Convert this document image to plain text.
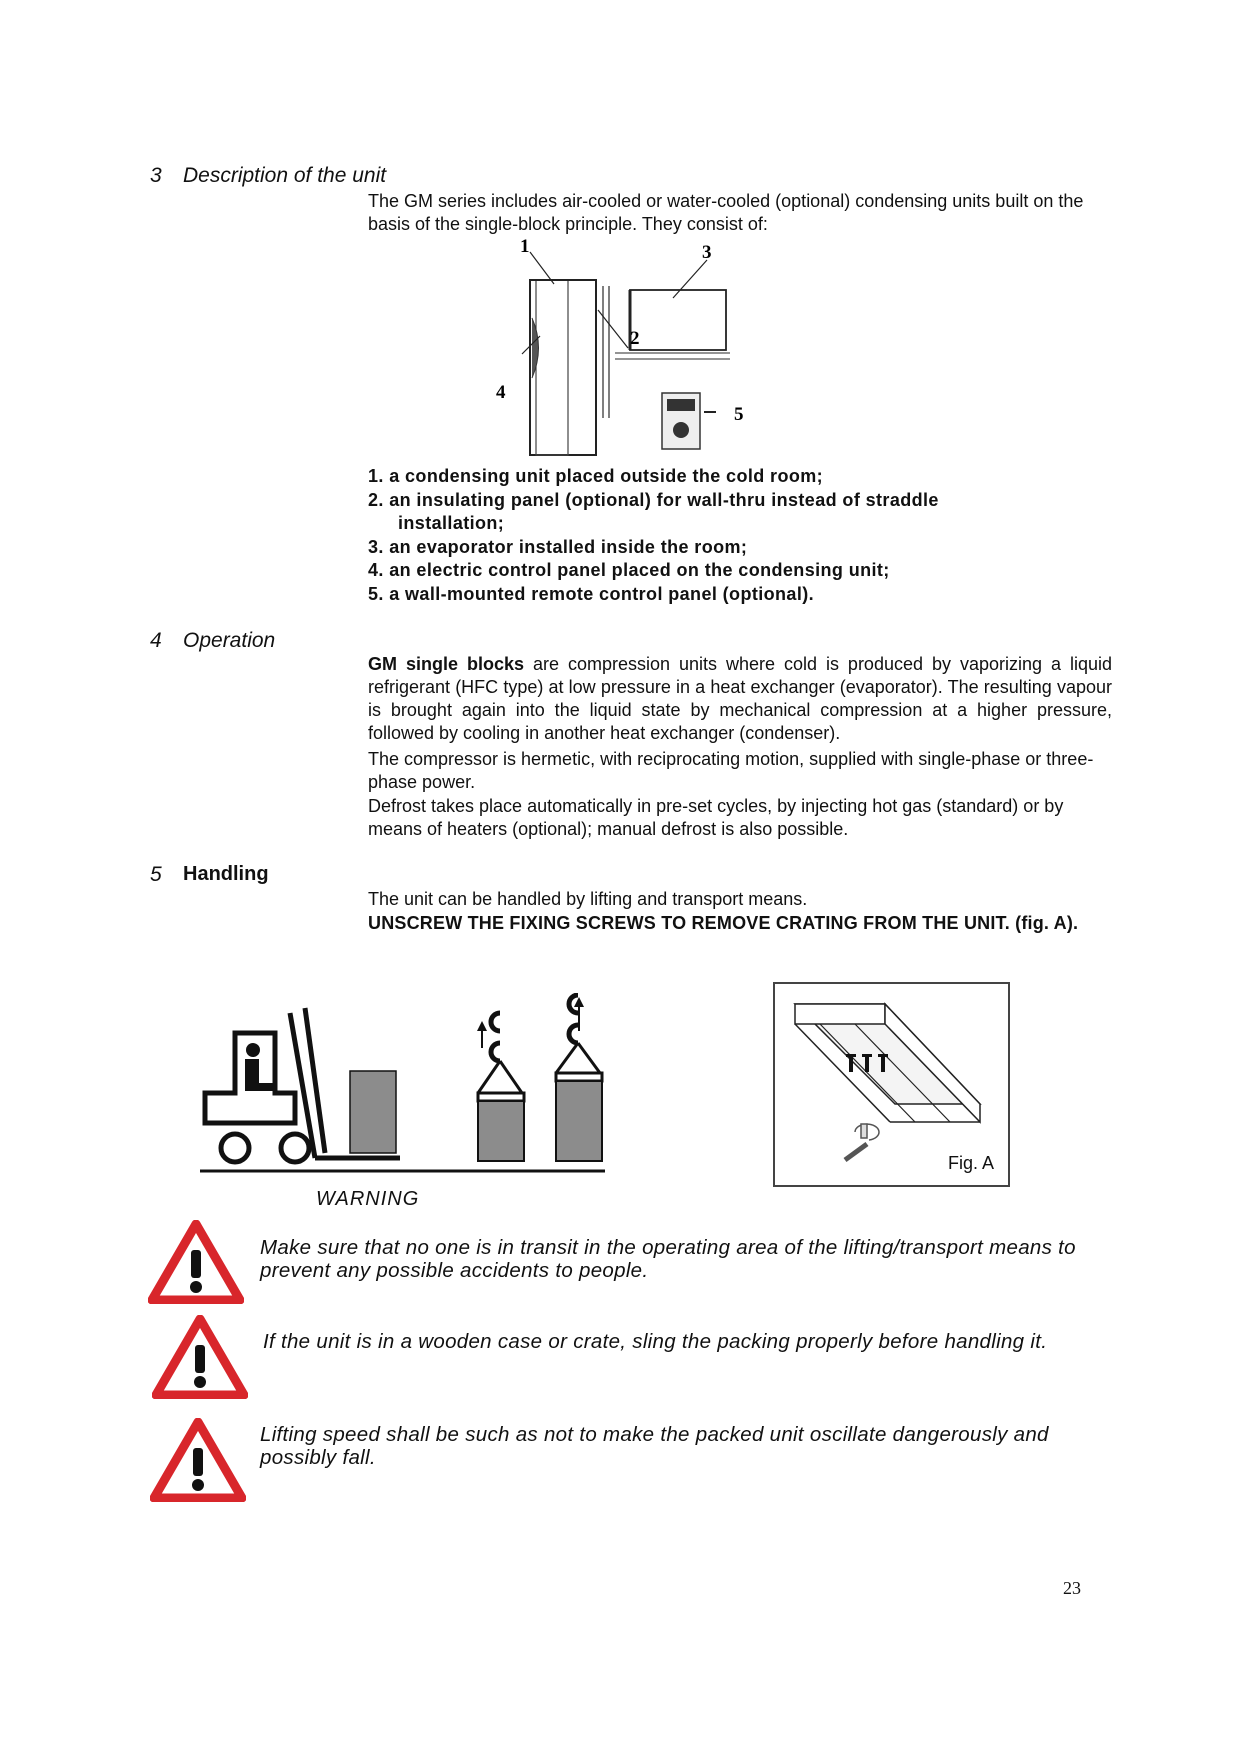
3 Description of the unit
The GM series includes air-cooled or water-cooled (optional) condensing units built on the basis of the single-block principle. They consist of:
1
2
3
4
5
1. a condensing unit placed outside the cold room;
2. an insulating panel (optional) for wall-thru instead of straddle
installation;
3. an evaporator installed inside the room;
4. an electric control panel placed on the condensing unit;
5. a wall-mounted remote control panel (optional).
4 Operation
GM single blocks are compression units where cold is produced by vaporizing a liquid refrigerant (HFC type) at low pressure in a heat exchanger (evaporator). The resulting vapour is brought again into the liquid state by mechanical compression at a higher pressure, followed by cooling in another heat exchanger (condenser).
The compressor is hermetic, with reciprocating motion, supplied with single-phase or three-phase power.
Defrost takes place automatically in pre-set cycles, by injecting hot gas (standard) or by means of heaters (optional); manual defrost is also possible.
5 Handling
The unit can be handled by lifting and transport means.
UNSCREW THE FIXING SCREWS TO REMOVE CRATING FROM THE UNIT. (fig. A).
Fig. A
WARNING
Make sure that no one is in transit in the operating area of the lifting/transport means to prevent any possible accidents to people.
If the unit is in a wooden case or crate, sling the packing properly before handling it.
Lifting speed shall be such as not to make the packed unit oscillate dangerously and possibly fall.
23
